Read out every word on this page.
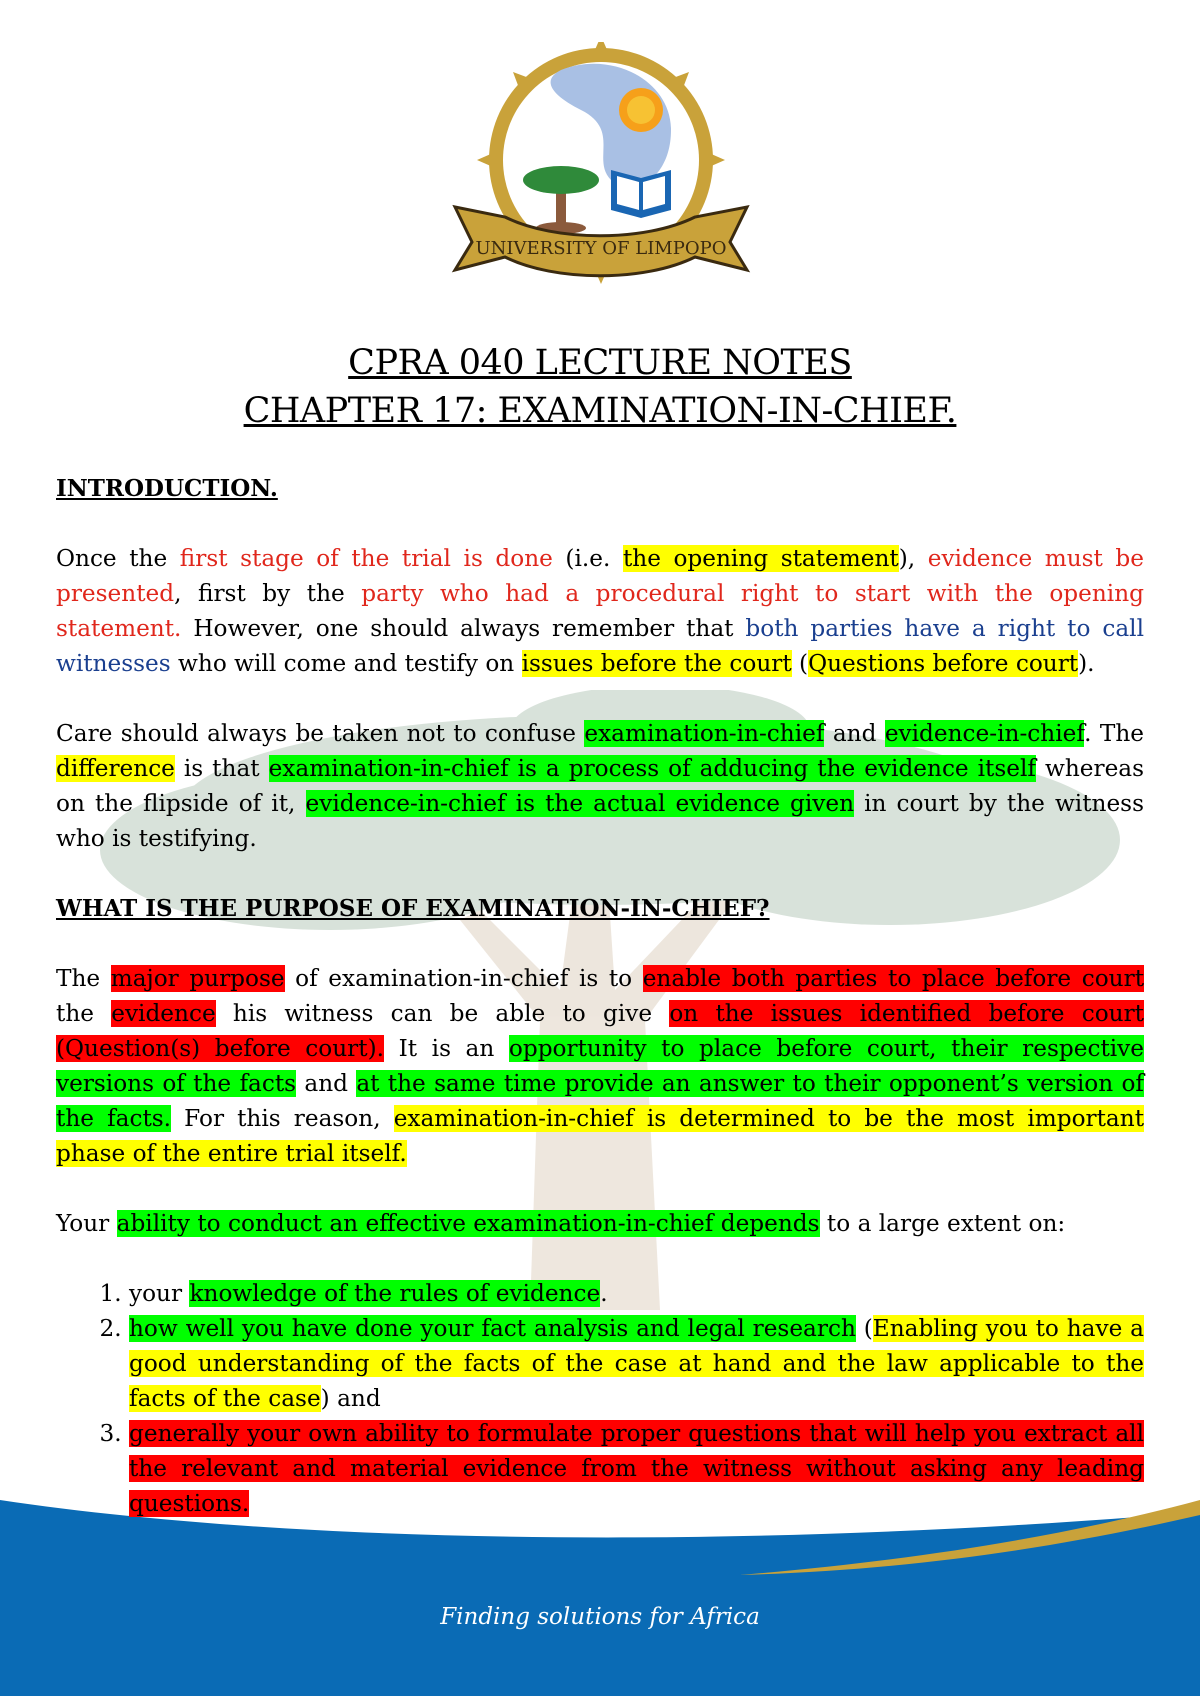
UNIVERSITY OF LIMPOPO
Finding solutions for Africa
CPRA 040 LECTURE NOTES
CHAPTER 17: EXAMINATION-IN-CHIEF.
INTRODUCTION.

Once the first stage of the trial is done (i.e. the opening statement), evidence must be presented, first by the party who had a procedural right to start with the opening statement. However, one should always remember that both parties have a right to call witnesses who will come and testify on issues before the court (Questions before court).

Care should always be taken not to confuse examination-in-chief and evidence-in-chief. The difference is that examination-in-chief is a process of adducing the evidence itself whereas on the flipside of it, evidence-in-chief is the actual evidence given in court by the witness who is testifying.

WHAT IS THE PURPOSE OF EXAMINATION-IN-CHIEF?

The major purpose of examination-in-chief is to enable both parties to place before court the evidence his witness can be able to give on the issues identified before court (Question(s) before court). It is an opportunity to place before court, their respective versions of the facts and at the same time provide an answer to their opponent’s version of the facts. For this reason, examination-in-chief is determined to be the most important phase of the entire trial itself.

Your ability to conduct an effective examination-in-chief depends to a large extent on:

1. your knowledge of the rules of evidence.
2. how well you have done your fact analysis and legal research (Enabling you to have a good understanding of the facts of the case at hand and the law applicable to the facts of the case) and
3. generally your own ability to formulate proper questions that will help you extract all the relevant and material evidence from the witness without asking any leading questions.
